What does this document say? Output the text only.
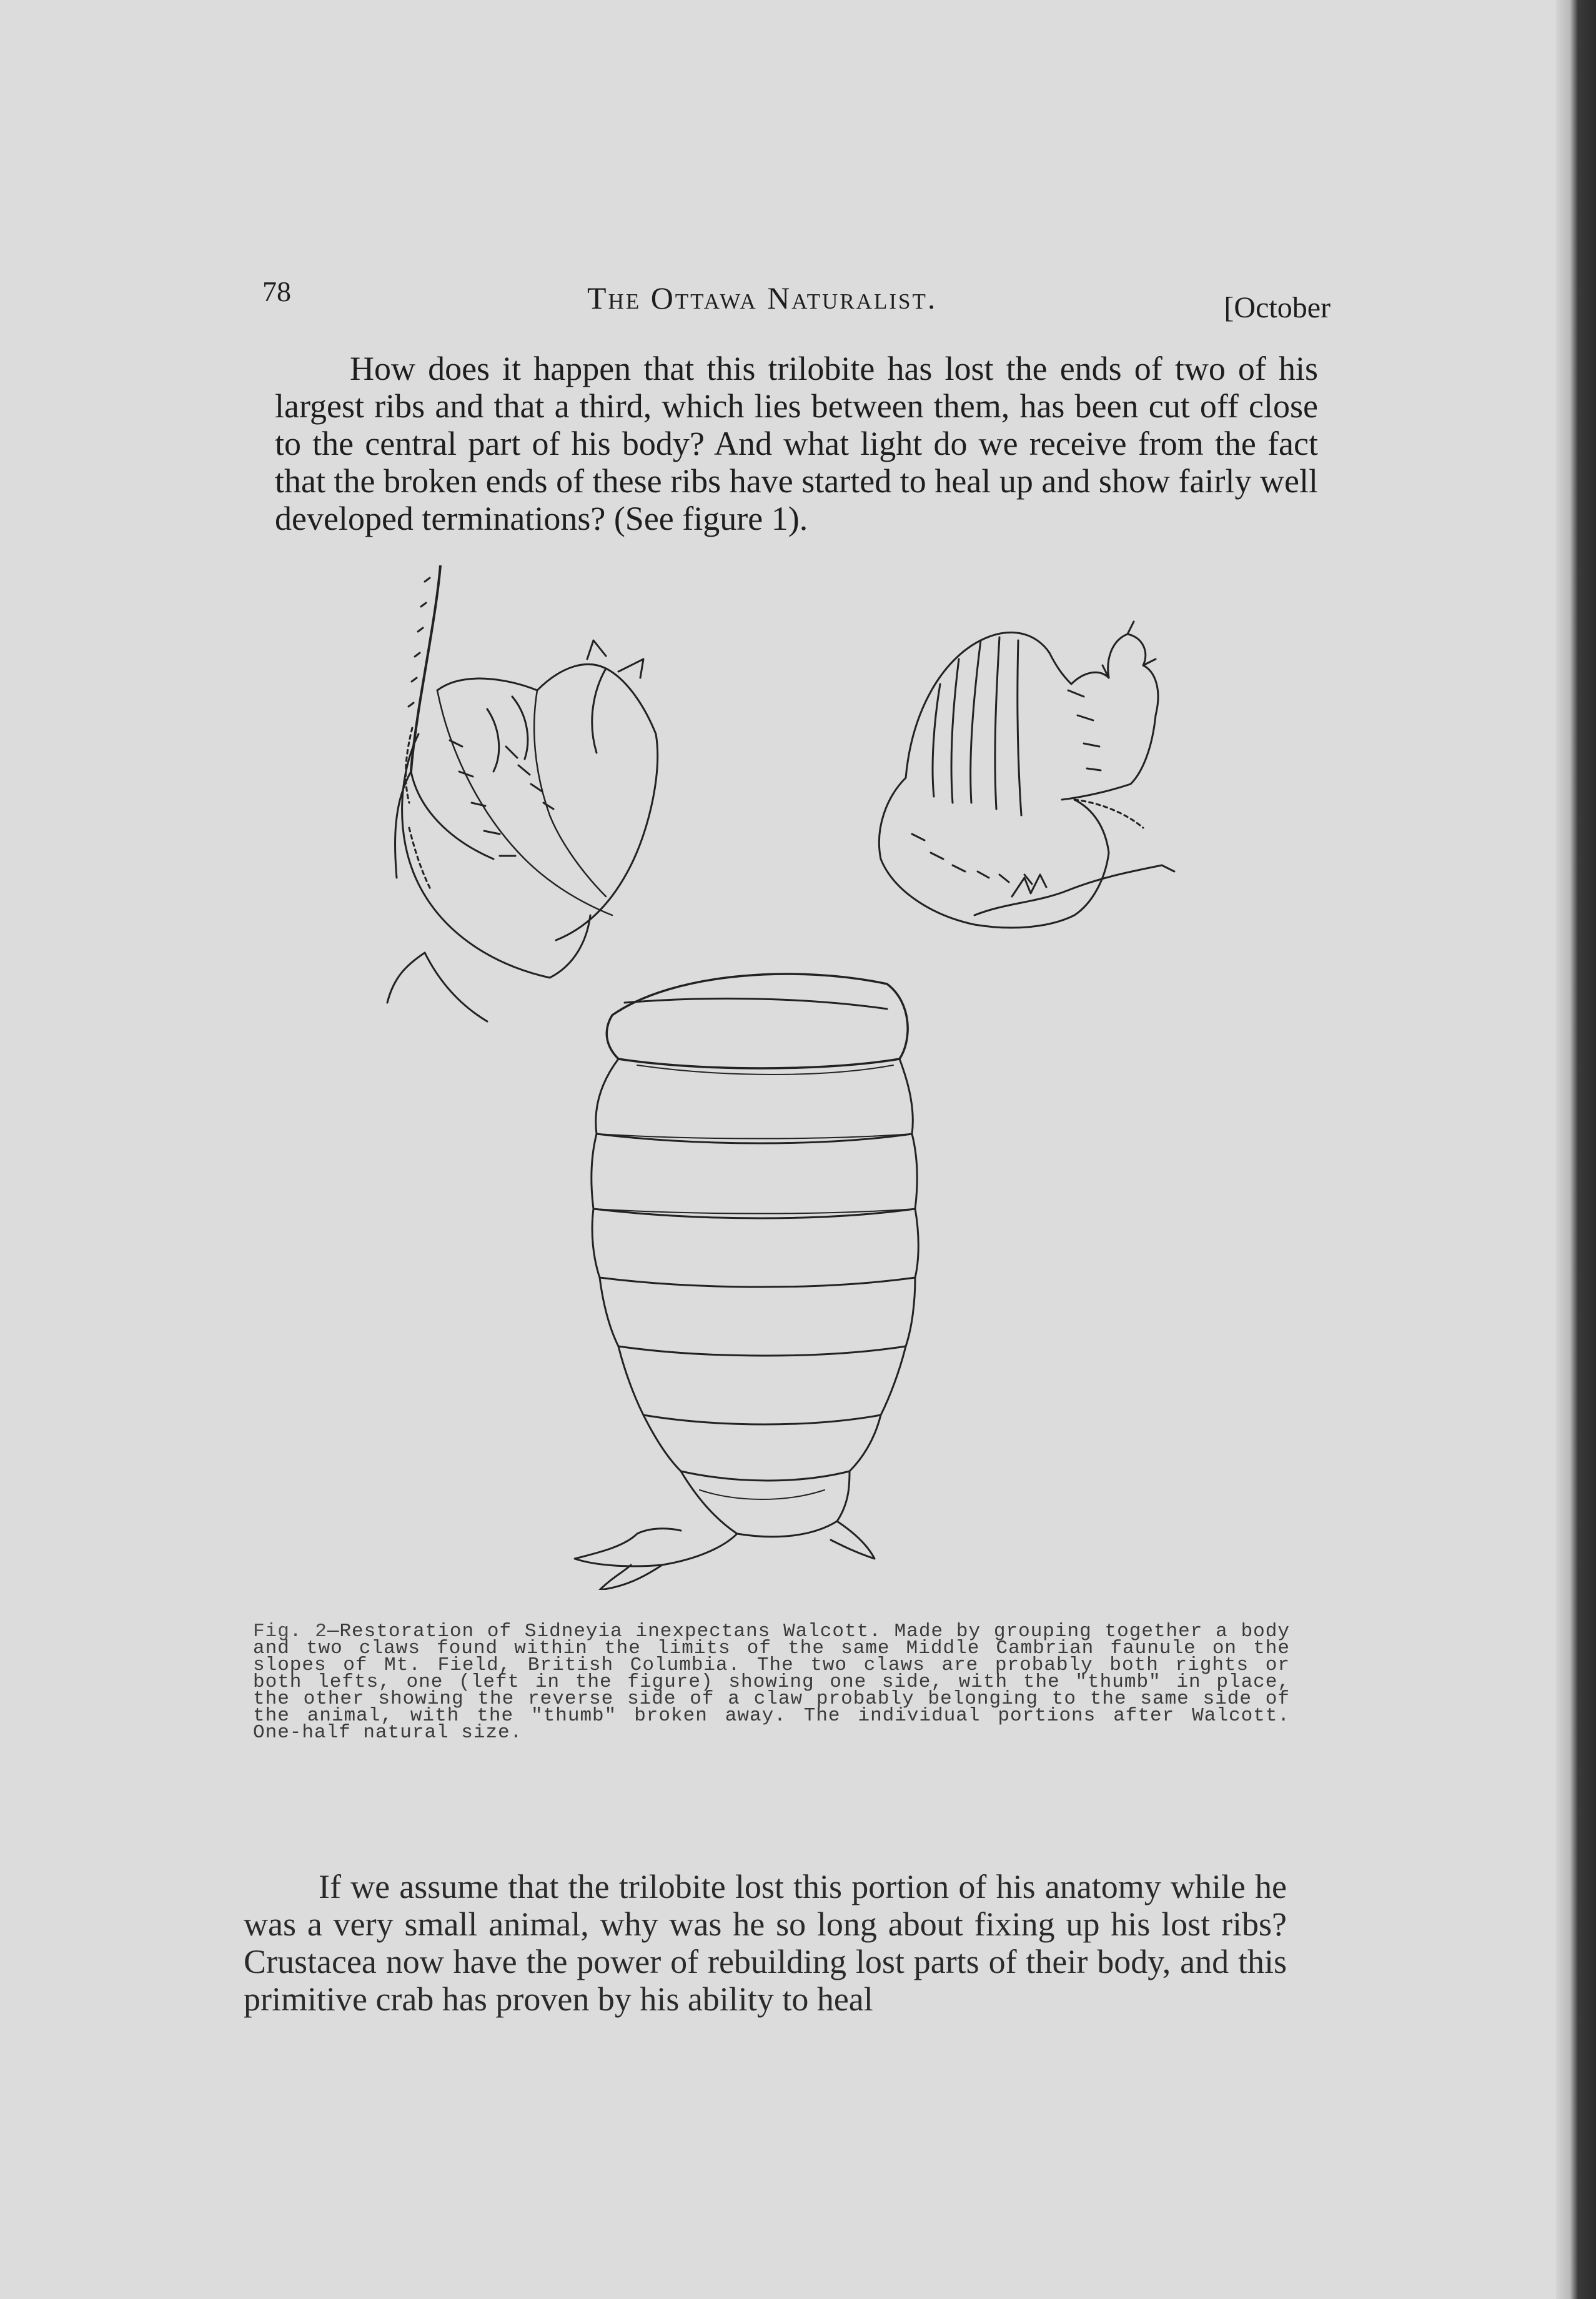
78	The Ottawa Naturalist.	[October

How does it happen that this trilobite has lost the ends of two of his largest ribs and that a third, which lies between them, has been cut off close to the central part of his body? And what light do we receive from the fact that the broken ends of these ribs have started to heal up and show fairly well developed terminations? (See figure 1).

Fig. 2—Restoration of Sidneyia inexpectans Walcott. Made by grouping together a body and two claws found within the limits of the same Middle Cambrian faunule on the slopes of Mt. Field, British Columbia. The two claws are probably both rights or both lefts, one (left in the figure) showing one side, with the "thumb" in place, the other showing the reverse side of a claw probably belonging to the same side of the animal, with the "thumb" broken away. The individual portions after Walcott. One-half natural size.

If we assume that the trilobite lost this portion of his anatomy while he was a very small animal, why was he so long about fixing up his lost ribs? Crustacea now have the power of rebuilding lost parts of their body, and this primitive crab has proven by his ability to heal
